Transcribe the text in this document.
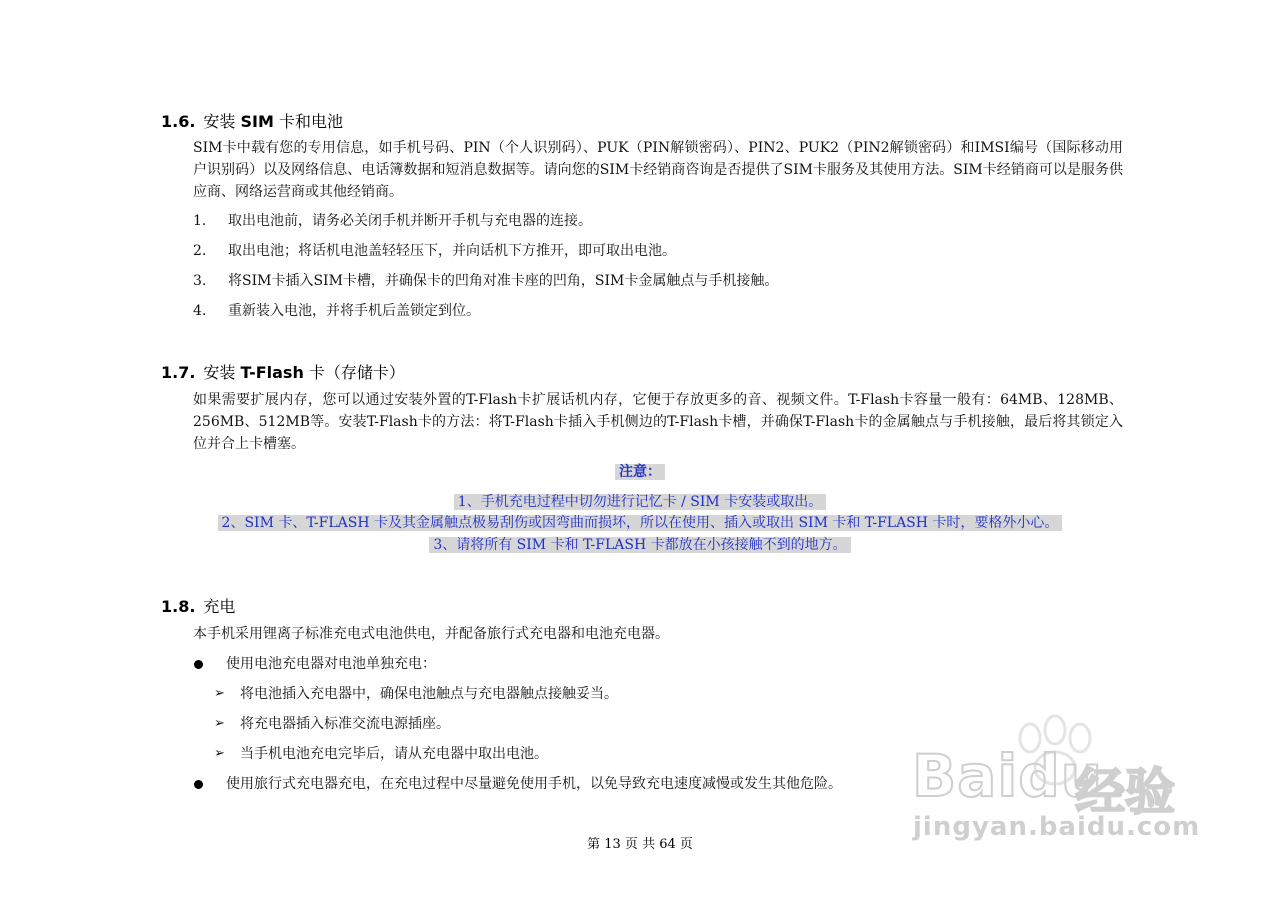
1.6. 安装 SIM 卡和电池
SIM卡中载有您的专用信息，如手机号码、PIN（个人识别码）、PUK（PIN解锁密码）、PIN2、PUK2（PIN2解锁密码）和IMSI编号（国际移动用户识别码）以及网络信息、电话簿数据和短消息数据等。请向您的SIM卡经销商咨询是否提供了SIM卡服务及其使用方法。SIM卡经销商可以是服务供应商、网络运营商或其他经销商。
1. 取出电池前，请务必关闭手机并断开手机与充电器的连接。
2. 取出电池；将话机电池盖轻轻压下，并向话机下方推开，即可取出电池。
3. 将SIM卡插入SIM卡槽，并确保卡的凹角对准卡座的凹角，SIM卡金属触点与手机接触。
4. 重新装入电池，并将手机后盖锁定到位。
1.7. 安装 T-Flash 卡（存储卡）
如果需要扩展内存，您可以通过安装外置的T-Flash卡扩展话机内存，它便于存放更多的音、视频文件。T-Flash卡容量一般有：64MB、128MB、256MB、512MB等。安装T-Flash卡的方法：将T-Flash卡插入手机侧边的T-Flash卡槽，并确保T-Flash卡的金属触点与手机接触，最后将其锁定入位并合上卡槽塞。
注意：
1、手机充电过程中切勿进行记忆卡 / SIM 卡安装或取出。
2、SIM 卡、T-FLASH 卡及其金属触点极易刮伤或因弯曲而损坏，所以在使用、插入或取出 SIM 卡和 T-FLASH 卡时，要格外小心。
3、请将所有 SIM 卡和 T-FLASH 卡都放在小孩接触不到的地方。
1.8. 充电
本手机采用锂离子标准充电式电池供电，并配备旅行式充电器和电池充电器。
使用电池充电器对电池单独充电：
➢ 将电池插入充电器中，确保电池触点与充电器触点接触妥当。
➢ 将充电器插入标准交流电源插座。
➢ 当手机电池充电完毕后，请从充电器中取出电池。
使用旅行式充电器充电，在充电过程中尽量避免使用手机，以免导致充电速度减慢或发生其他危险。
第 13 页 共 64 页
Baidu
经验
jingyan.baidu.com
